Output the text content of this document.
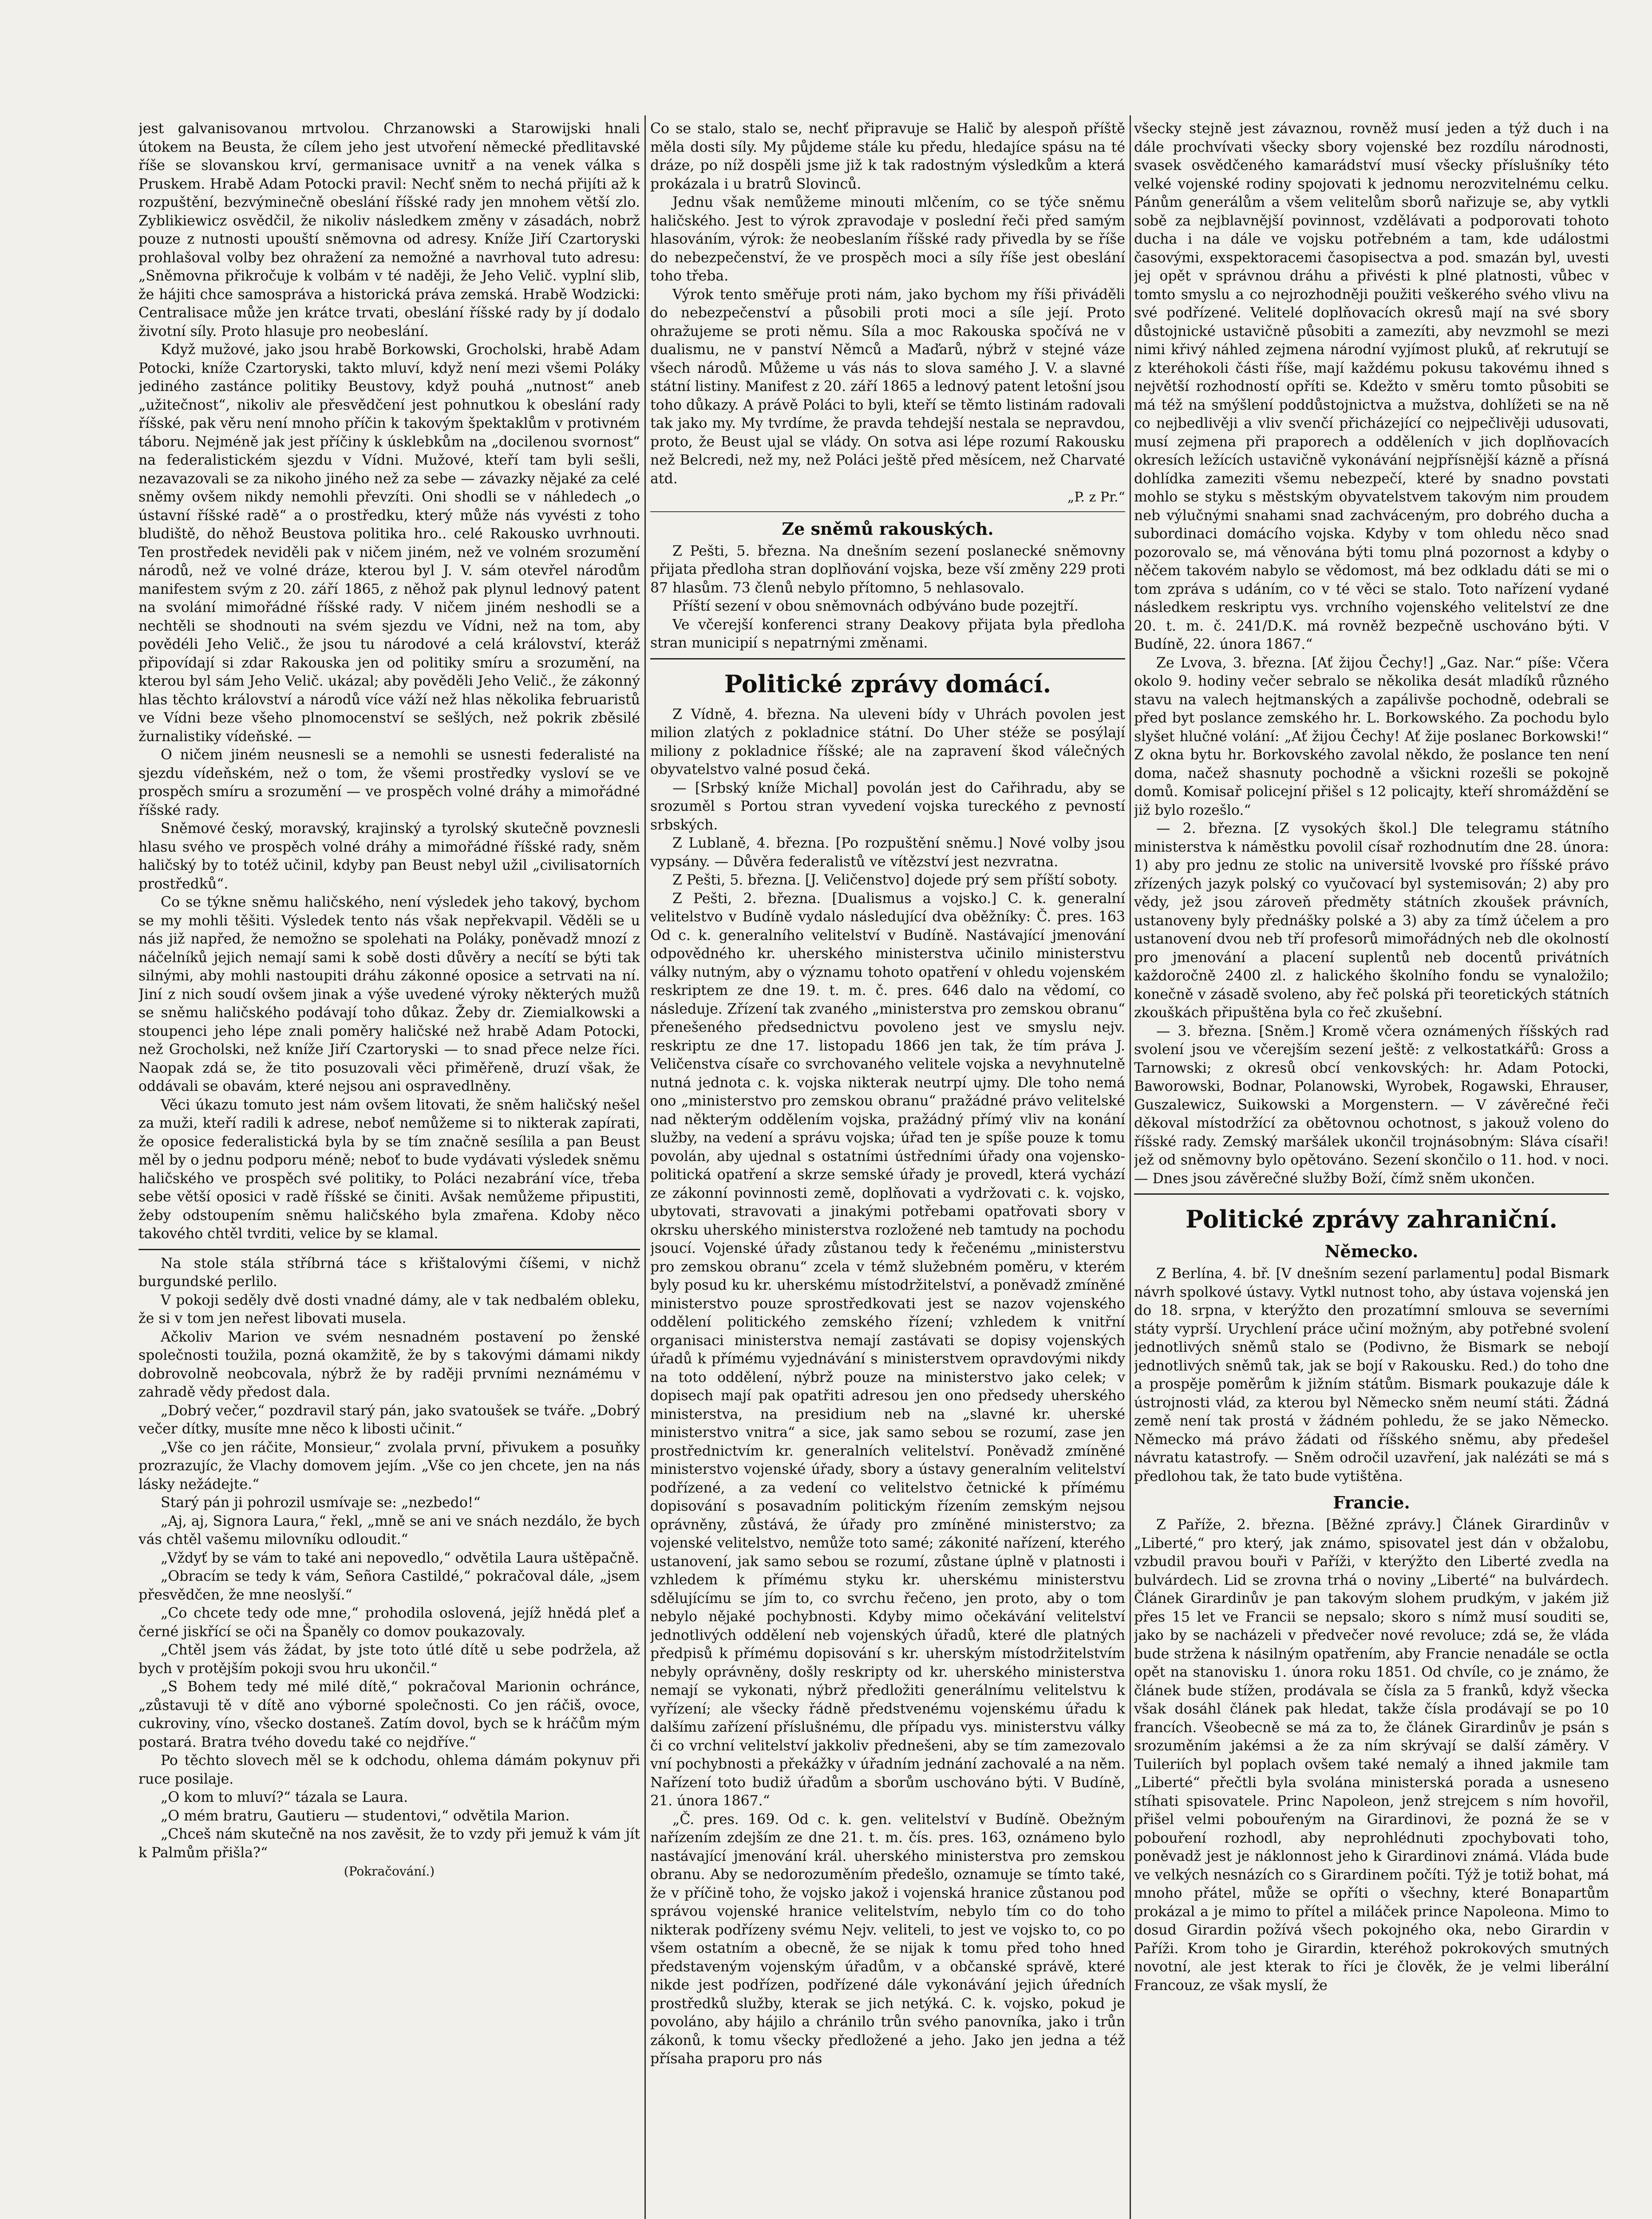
jest galvanisovanou mrtvolou. Chrzanowski a Starowijski hnali útokem na Beusta, že cílem jeho jest utvoření německé předlitavské říše se slovanskou krví, germanisace uvnitř a na venek válka s Pruskem. Hrabě Adam Potocki pravil: Nechť sněm to nechá přijíti až k rozpuštění, bezvýminečně obeslání říšské rady jen mnohem větší zlo. Zyblikiewicz osvědčil, že nikoliv následkem změny v zásadách, nobrž pouze z nutnosti upouští sněmovna od adresy. Kníže Jiří Czartoryski prohlašoval volby bez ohražení za nemožné a navrhoval tuto adresu: „Sněmovna přikročuje k volbám v té naději, že Jeho Velič. vyplní slib, že hájiti chce samospráva a historická práva zemská. Hrabě Wodzicki: Centralisace může jen krátce trvati, obeslání říšské rady by jí dodalo životní síly. Proto hlasuje pro neobeslání.

Když mužové, jako jsou hrabě Borkowski, Grocholski, hrabě Adam Potocki, kníže Czartoryski, takto mluví, když není mezi všemi Poláky jediného zastánce politiky Beustovy, když pouhá „nutnost“ aneb „užitečnost“, nikoliv ale přesvědčení jest pohnutkou k obeslání rady říšské, pak věru není mnoho příčin k takovým špektaklům v protivném táboru. Nejméně jak jest příčiny k úsklebkům na „docilenou svornost“ na federalistickém sjezdu v Vídni. Mužové, kteří tam byli sešli, nezavazovali se za nikoho jiného než za sebe — závazky nějaké za celé sněmy ovšem nikdy nemohli převzíti. Oni shodli se v náhledech „o ústavní říšské radě“ a o prostředku, který může nás vyvésti z toho bludiště, do něhož Beustova politika hro.. celé Rakousko uvrhnouti. Ten prostředek neviděli pak v ničem jiném, než ve volném srozumění národů, než ve volné dráze, kterou byl J. V. sám otevřel národům manifestem svým z 20. září 1865, z něhož pak plynul lednový patent na svolání mimořádné říšské rady. V ničem jiném neshodli se a nechtěli se shodnouti na svém sjezdu ve Vídni, než na tom, aby povědéli Jeho Velič., že jsou tu národové a celá království, kteráž připovídají si zdar Rakouska jen od politiky smíru a srozumění, na kterou byl sám Jeho Velič. ukázal; aby pověděli Jeho Velič., že zákonný hlas těchto království a národů více váží než hlas několika februaristů ve Vídni beze všeho plnomocenství se sešlých, než pokrik zběsilé žurnalistiky vídeňské. —

O ničem jiném neusnesli se a nemohli se usnesti federalisté na sjezdu vídeňském, než o tom, že všemi prostředky vysloví se ve prospěch smíru a srozumění — ve prospěch volné dráhy a mimořádné říšské rady.

Sněmové český, moravský, krajinský a tyrolský skutečně povznesli hlasu svého ve prospěch volné dráhy a mimořádné říšské rady, sněm haličský by to totéž učinil, kdyby pan Beust nebyl užil „civilisatorních prostředků“.

Co se týkne sněmu haličského, není výsledek jeho takový, bychom se my mohli těšiti. Výsledek tento nás však nepřekvapil. Věděli se u nás již napřed, že nemožno se spolehati na Poláky, poněvadž mnozí z náčelníků jejich nemají sami k sobě dosti důvěry a necítí se býti tak silnými, aby mohli nastoupiti dráhu zákonné oposice a setrvati na ní. Jiní z nich soudí ovšem jinak a výše uvedené výroky některých mužů se sněmu haličského podávají toho důkaz. Žeby dr. Ziemialkowski a stoupenci jeho lépe znali poměry haličské než hrabě Adam Potocki, než Grocholski, než kníže Jiří Czartoryski — to snad přece nelze říci. Naopak zdá se, že tito posuzovali věci přiměřeně, druzí však, že oddávali se obavám, které nejsou ani ospravedlněny.

Věci úkazu tomuto jest nám ovšem litovati, že sněm haličský nešel za muži, kteří radili k adrese, neboť nemůžeme si to nikterak zapírati, že oposice federalistická byla by se tím značně sesílila a pan Beust měl by o jednu podporu méně; neboť to bude vydávati výsledek sněmu haličského ve prospěch své politiky, to Poláci nezabrání více, třeba sebe větší oposici v radě říšské se činiti. Avšak nemůžeme připustiti, žeby odstoupením sněmu haličského byla zmařena. Kdoby něco takového chtěl tvrditi, velice by se klamal.

Na stole stála stříbrná táce s křištalovými číšemi, v nichž burgundské perlilo.

V pokoji seděly dvě dosti vnadné dámy, ale v tak nedbalém obleku, že si v tom jen neřest libovati musela.

Ačkoliv Marion ve svém nesnadném postavení po ženské společnosti toužila, pozná okamžitě, že by s takovými dámami nikdy dobrovolně neobcovala, nýbrž že by raději prvními neznámému v zahradě vědy předost dala.

„Dobrý večer,“ pozdravil starý pán, jako svatoušek se tváře. „Dobrý večer dítky, musíte mne něco k libosti učinit.“

„Vše co jen ráčite, Monsieur,“ zvolala první, přivukem a posuňky prozrazujíc, že Vlachy domovem jejím. „Vše co jen chcete, jen na nás lásky nežádejte.“

Starý pán ji pohrozil usmívaje se: „nezbedo!“

„Aj, aj, Signora Laura,“ řekl, „mně se ani ve snách nezdálo, že bych vás chtěl vašemu milovníku odloudit.“

„Vždyť by se vám to také ani nepovedlo,“ odvětila Laura uštěpačně.

„Obracím se tedy k vám, Señora Castildé,“ pokračoval dále, „jsem přesvědčen, že mne neoslyší.“

„Co chcete tedy ode mne,“ prohodila oslovená, jejíž hnědá pleť a černé jiskřící se oči na Španěly co domov poukazovaly.

„Chtěl jsem vás žádat, by jste toto útlé dítě u sebe podržela, až bych v protějším pokoji svou hru ukončil.“

„S Bohem tedy mé milé dítě,“ pokračoval Marionin ochránce, „zůstavuji tě v dítě ano výborné společnosti. Co jen ráčiš, ovoce, cukroviny, víno, všecko dostaneš. Zatím dovol, bych se k hráčům mým postará. Bratra tvého dovedu také co nejdříve.“

Po těchto slovech měl se k odchodu, ohlema dámám pokynuv při ruce posilaje.

„O kom to mluví?“ tázala se Laura.

„O mém bratru, Gautieru — studentovi,“ odvětila Marion.

„Chceš nám skutečně na nos zavěsit, že to vzdy při jemuž k vám jít k Palmům přišla?“

(Pokračování.)

Co se stalo, stalo se, nechť připravuje se Halič by alespoň příště měla dosti síly. My půjdeme stále ku předu, hledajíce spásu na té dráze, po níž dospěli jsme již k tak radostným výsledkům a která prokázala i u bratrů Slovinců.

Jednu však nemůžeme minouti mlčením, co se týče sněmu haličského. Jest to výrok zpravodaje v poslední řeči před samým hlasováním, výrok: že neobeslaním říšské rady přivedla by se říše do nebezpečenství, že ve prospěch moci a síly říše jest obeslání toho třeba.

Výrok tento směřuje proti nám, jako bychom my říši přiváděli do nebezpečenství a působili proti moci a síle její. Proto ohražujeme se proti němu. Síla a moc Rakouska spočívá ne v dualismu, ne v panství Němců a Maďarů, nýbrž v stejné váze všech národů. Můžeme u vás nás to slova samého J. V. a slavné státní listiny. Manifest z 20. září 1865 a lednový patent letošní jsou toho důkazy. A právě Poláci to byli, kteří se těmto listinám radovali tak jako my. My tvrdíme, že pravda tehdejší nestala se nepravdou, proto, že Beust ujal se vlády. On sotva asi lépe rozumí Rakousku než Belcredi, než my, než Poláci ještě před měsícem, než Charvaté atd.

„P. z Pr.“
Ze sněmů rakouských.

Z Pešti, 5. března. Na dnešním sezení poslanecké sněmovny přijata předloha stran doplňování vojska, beze vší změny 229 proti 87 hlasům. 73 členů nebylo přítomno, 5 nehlasovalo.

Příští sezení v obou sněmovnách odbýváno bude pozejtří.

Ve včerejší konferenci strany Deakovy přijata byla předloha stran municipií s nepatrnými změnami.

Politické zprávy domácí.

Z Vídně, 4. března. Na uleveni bídy v Uhrách povolen jest milion zlatých z pokladnice státní. Do Uher stéže se posýlají miliony z pokladnice říšské; ale na zapravení škod válečných obyvatelstvo valné posud čeká.

— [Srbský kníže Michal] povolán jest do Cařihradu, aby se srozuměl s Portou stran vyvedení vojska tureckého z pevností srbských.

Z Lublaně, 4. března. [Po rozpuštění sněmu.] Nové volby jsou vypsány. — Důvěra federalistů ve vítězství jest nezvratna.

Z Pešti, 5. března. [J. Veličenstvo] dojede prý sem příští soboty.

Z Pešti, 2. března. [Dualismus a vojsko.] C. k. generalní velitelstvo v Budíně vydalo následující dva oběžníky: Č. pres. 163 Od c. k. generalního velitelství v Budíně. Nastávající jmenování odpovědného kr. uherského ministerstva učinilo ministerstvu války nutným, aby o významu tohoto opatření v ohledu vojenském reskriptem ze dne 19. t. m. č. pres. 646 dalo na vědomí, co následuje. Zřízení tak zvaného „ministerstva pro zemskou obranu“ přenešeného předsednictvu povoleno jest ve smyslu nejv. reskriptu ze dne 17. listopadu 1866 jen tak, že tím práva J. Veličenstva císaře co svrchovaného velitele vojska a nevyhnutelně nutná jednota c. k. vojska nikterak neutrpí ujmy. Dle toho nemá ono „ministerstvo pro zemskou obranu“ pražádné právo velitelské nad některým oddělením vojska, pražádný přímý vliv na konání služby, na vedení a správu vojska; úřad ten je spíše pouze k tomu povolán, aby ujednal s ostatními ústředními úřady ona vojensko-politická opatření a skrze semské úřady je provedl, která vychází ze zákonní povinnosti země, doplňovati a vydržovati c. k. vojsko, ubytovati, stravovati a jinakými potřebami opatřovati sbory v okrsku uherského ministerstva rozložené neb tamtudy na pochodu jsoucí. Vojenské úřady zůstanou tedy k řečenému „ministerstvu pro zemskou obranu“ zcela v témž služebném poměru, v kterém byly posud ku kr. uherskému místodržitelství, a poněvadž zmíněné ministerstvo pouze sprostředkovati jest se nazov vojenského oddělení politického zemského řízení; vzhledem k vnitřní organisaci ministerstva nemají zastávati se dopisy vojenských úřadů k přímému vyjednávání s ministerstvem opravdovými nikdy na toto oddělení, nýbrž pouze na ministerstvo jako celek; v dopisech mají pak opatřiti adresou jen ono předsedy uherského ministerstva, na presidium neb na „slavné kr. uherské ministerstvo vnitra“ a sice, jak samo sebou se rozumí, zase jen prostřednictvím kr. generalních velitelství. Poněvadž zmíněné ministerstvo vojenské úřady, sbory a ústavy generalním velitelství podřízené, a za vedení co velitelstvo četnické k přímému dopisování s posavadním politickým řízením zemským nejsou oprávněny, zůstává, že úřady pro zmíněné ministerstvo; za vojenské velitelstvo, nemůže toto samé; zákonité nařízení, kterého ustanovení, jak samo sebou se rozumí, zůstane úplně v platnosti i vzhledem k přímému styku kr. uherskému ministerstvu sdělujícímu se jím to, co svrchu řečeno, jen proto, aby o tom nebylo nějaké pochybnosti. Kdyby mimo očekávání velitelství jednotlivých oddělení neb vojenských úřadů, které dle platných předpisů k přímému dopisování s kr. uherským místodržitelstvím nebyly oprávněny, došly reskripty od kr. uherského ministerstva nemají se vykonati, nýbrž předložiti generálnímu velitelstvu k vyřízení; ale všecky řádně předstvenému vojenskému úřadu k dalšímu zařízení příslušnému, dle případu vys. ministerstvu války či co vrchní velitelství jakkoliv přednešeni, aby se tím zamezovalo vní pochybnosti a překážky v úřadním jednání zachovalé a na něm. Nařízení toto budiž úřadům a sborům uschováno býti. V Budíně, 21. února 1867.“

„Č. pres. 169. Od c. k. gen. velitelství v Budíně. Obežným nařízením zdejším ze dne 21. t. m. čís. pres. 163, oznámeno bylo nastávající jmenování král. uherského ministerstva pro zemskou obranu. Aby se nedorozuměním předešlo, oznamuje se tímto také, že v příčině toho, že vojsko jakož i vojenská hranice zůstanou pod správou vojenské hranice velitelstvím, nebylo tím co do toho nikterak podřízeny svému Nejv. veliteli, to jest ve vojsko to, co po všem ostatním a obecně, že se nijak k tomu před toho hned představeným vojenským úřadům, v a občanské správě, které nikde jest podřízen, podřízené dále vykonávání jejich úředních prostředků služby, kterak se jich netýká. C. k. vojsko, pokud je povoláno, aby hájilo a chránilo trůn svého panovníka, jako i trůn zákonů, k tomu všecky předložené a jeho. Jako jen jedna a též přísaha praporu pro nás

všecky stejně jest závaznou, rovněž musí jeden a týž duch i na dále prochvívati všecky sbory vojenské bez rozdílu národnosti, svasek osvědčeného kamarádství musí všecky příslušníky této velké vojenské rodiny spojovati k jednomu nerozvitelnému celku. Pánům generálům a všem velitelům sborů nařizuje se, aby vytkli sobě za nejblavnější povinnost, vzdělávati a podporovati tohoto ducha i na dále ve vojsku potřebném a tam, kde událostmi časovými, exspektoracemi časopisectva a pod. smazán byl, uvesti jej opět v správnou dráhu a přivésti k plné platnosti, vůbec v tomto smyslu a co nejrozhodněji použiti veškerého svého vlivu na své podřízené. Velitelé doplňovacích okresů mají na své sbory důstojnické ustavičně působiti a zamezíti, aby nevzmohl se mezi nimi křivý náhled zejmena národní vyjímost pluků, ať rekrutují se z kteréhokoli části říše, mají každému pokusu takovému ihned s největší rozhodností opříti se. Kdežto v směru tomto působiti se má též na smýšlení poddůstojnictva a mužstva, dohlížeti se na ně co nejbedlivěji a vliv svenčí přicházející co nejpečlivěji udusovati, musí zejmena při praporech a odděleních v jich doplňovacích okresích ležících ustavičně vykonávání nejpřísnější kázně a přísná dohlídka zameziti všemu nebezpečí, které by snadno povstati mohlo se styku s městským obyvatelstvem takovým nim proudem neb výlučnými snahami snad zachváceným, pro dobrého ducha a subordinaci domácího vojska. Kdyby v tom ohledu něco snad pozorovalo se, má věnována býti tomu plná pozornost a kdyby o něčem takovém nabylo se vědomost, má bez odkladu dáti se mi o tom zpráva s udáním, co v té věci se stalo. Toto nařízení vydané následkem reskriptu vys. vrchního vojenského velitelství ze dne 20. t. m. č. 241/D.K. má rovněž bezpečně uschováno býti. V Budíně, 22. února 1867.“

Ze Lvova, 3. března. [Ať žijou Čechy!] „Gaz. Nar.“ píše: Včera okolo 9. hodiny večer sebralo se několika desát mladíků různého stavu na valech hejtmanských a zapálivše pochodně, odebrali se před byt poslance zemského hr. L. Borkowského. Za pochodu bylo slyšet hlučné volání: „Ať žijou Čechy! Ať žije poslanec Borkowski!“ Z okna bytu hr. Borkovského zavolal někdo, že poslance ten není doma, načež shasnuty pochodně a všickni rozešli se pokojně domů. Komisař policejní přišel s 12 policajty, kteří shromáždění se již bylo rozešlo.“

— 2. března. [Z vysokých škol.] Dle telegramu státního ministerstva k náměstku povolil císař rozhodnutím dne 28. února: 1) aby pro jednu ze stolic na universitě lvovské pro říšské právo zřízených jazyk polský co vyučovací byl systemisován; 2) aby pro vědy, jež jsou zároveň předměty státních zkoušek právních, ustanoveny byly přednášky polské a 3) aby za tímž účelem a pro ustanovení dvou neb tří profesorů mimořádných neb dle okolností pro jmenování a placení suplentů neb docentů privátních každoročně 2400 zl. z halického školního fondu se vynaložilo; konečně v zásadě svoleno, aby řeč polská při teoretických státních zkouškách připuštěna byla co řeč zkušební.

— 3. března. [Sněm.] Kromě včera oznámených říšských rad svolení jsou ve včerejším sezení ještě: z velkostatkářů: Gross a Tarnowski; z okresů obcí venkovských: hr. Adam Potocki, Baworowski, Bodnar, Polanowski, Wyrobek, Rogawski, Ehrauser, Guszalewicz, Suikowski a Morgenstern. — V závěrečné řeči děkoval místodržící za obětovnou ochotnost, s jakouž voleno do říšské rady. Zemský maršálek ukončil trojnásobným: Sláva císaři! jež od sněmovny bylo opětováno. Sezení skončilo o 11. hod. v noci. — Dnes jsou závěrečné služby Boží, čímž sněm ukončen.

Politické zprávy zahraniční.
Německo.

Z Berlína, 4. bř. [V dnešním sezení parlamentu] podal Bismark návrh spolkové ústavy. Vytkl nutnost toho, aby ústava vojenská jen do 18. srpna, v kterýžto den prozatímní smlouva se severními státy vyprší. Urychlení práce učiní možným, aby potřebné svolení jednotlivých sněmů stalo se (Podivno, že Bismark se nebojí jednotlivých sněmů tak, jak se bojí v Rakousku. Red.) do toho dne a prospěje poměrům k jižním státům. Bismark poukazuje dále k ústrojnosti vlád, za kterou byl Německo sněm neumí státi. Žádná země není tak prostá v žádném pohledu, že se jako Německo. Německo má právo žádati od říšského sněmu, aby předešel návratu katastrofy. — Sněm odročil uzavření, jak nalézáti se má s předlohou tak, že tato bude vytištěna.

Francie.

Z Paříže, 2. března. [Běžné zprávy.] Článek Girardinův v „Liberté,“ pro který, jak známo, spisovatel jest dán v obžalobu, vzbudil pravou bouři v Paříži, v kterýžto den Liberté zvedla na bulvárdech. Lid se zrovna trhá o noviny „Liberté“ na bulvárdech. Článek Girardinův je pan takovým slohem prudkým, v jakém již přes 15 let ve Francii se nepsalo; skoro s nímž musí souditi se, jako by se nacházeli v předvečer nové revoluce; zdá se, že vláda bude stržena k násilným opatřením, aby Francie nenadále se octla opět na stanovisku 1. února roku 1851. Od chvíle, co je známo, že článek bude stížen, prodávala se čísla za 5 franků, když všecka však dosáhl článek pak hledat, takže čísla prodávají se po 10 francích. Všeobecně se má za to, že článek Girardinův je psán s srozuměním jakémsi a že za ním skrývají se další záměry. V Tuileriích byl poplach ovšem také nemalý a ihned jakmile tam „Liberté“ přečtli byla svolána ministerská porada a usneseno stíhati spisovatele. Princ Napoleon, jenž strejcem s ním hovořil, přišel velmi pobouřeným na Girardinovi, že pozná že se v pobouření rozhodl, aby neprohlédnuti zpochybovati toho, poněvadž jest je náklonnost jeho k Girardinovi známá. Vláda bude ve velkých nesnázích co s Girardinem počíti. Týž je totiž bohat, má mnoho přátel, může se opříti o všechny, které Bonapartům prokázal a je mimo to přítel a miláček prince Napoleona. Mimo to dosud Girardin požívá všech pokojného oka, nebo Girardin v Paříži. Krom toho je Girardin, kteréhož pokrokových smutných novotní, ale jest kterak to říci je člověk, že je velmi liberální Francouz, ze však myslí, že
